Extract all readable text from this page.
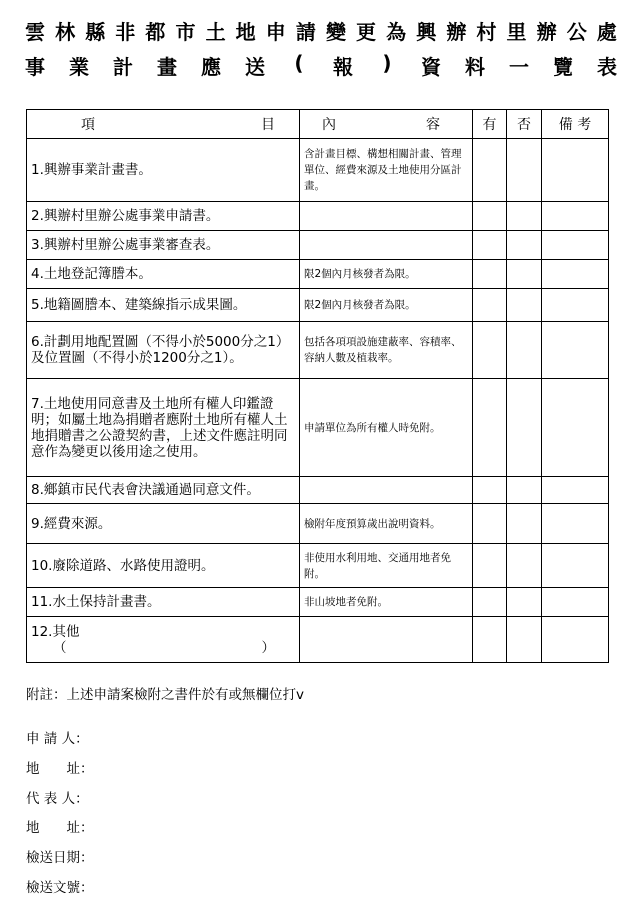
雲 林 縣 非 都 市 土 地 申 請 變 更 為 興 辦 村 里 辦 公 處
事 業 計 畫 應 送	(	報	)	資 料 一 覽 表
項 目	內 容	有	否	備 考
1.興辦事業計畫書。	含計畫目標、構想相關計畫、管理單位、經費來源及土地使用分區計畫。			
2.興辦村里辦公處事業申請書。				
3.興辦村里辦公處事業審查表。				
4.土地登記簿謄本。	限2個內月核發者為限。			
5.地籍圖謄本、建築線指示成果圖。	限2個內月核發者為限。			
6.計劃用地配置圖（不得小於5000分之1）及位置圖（不得小於1200分之1）。	包括各項項設施建蔽率、容積率、容納人數及植栽率。			
7.土地使用同意書及土地所有權人印鑑證明；如屬土地為捐贈者應附土地所有權人土地捐贈書之公證契約書，上述文件應註明同意作為變更以後用途之使用。	申請單位為所有權人時免附。			
8.鄉鎮市民代表會決議通過同意文件。				
9.經費來源。	檢附年度預算歲出說明資料。			
10.廢除道路、水路使用證明。	非使用水利用地、交通用地者免附。			
11.水土保持計畫書。	非山坡地者免附。			

12.其他
（ ）				

附註：上述申請案檢附之書件於有或無欄位打v
申 請 人：
地　　址：
代 表 人：
地　　址：
檢送日期：
檢送文號：
